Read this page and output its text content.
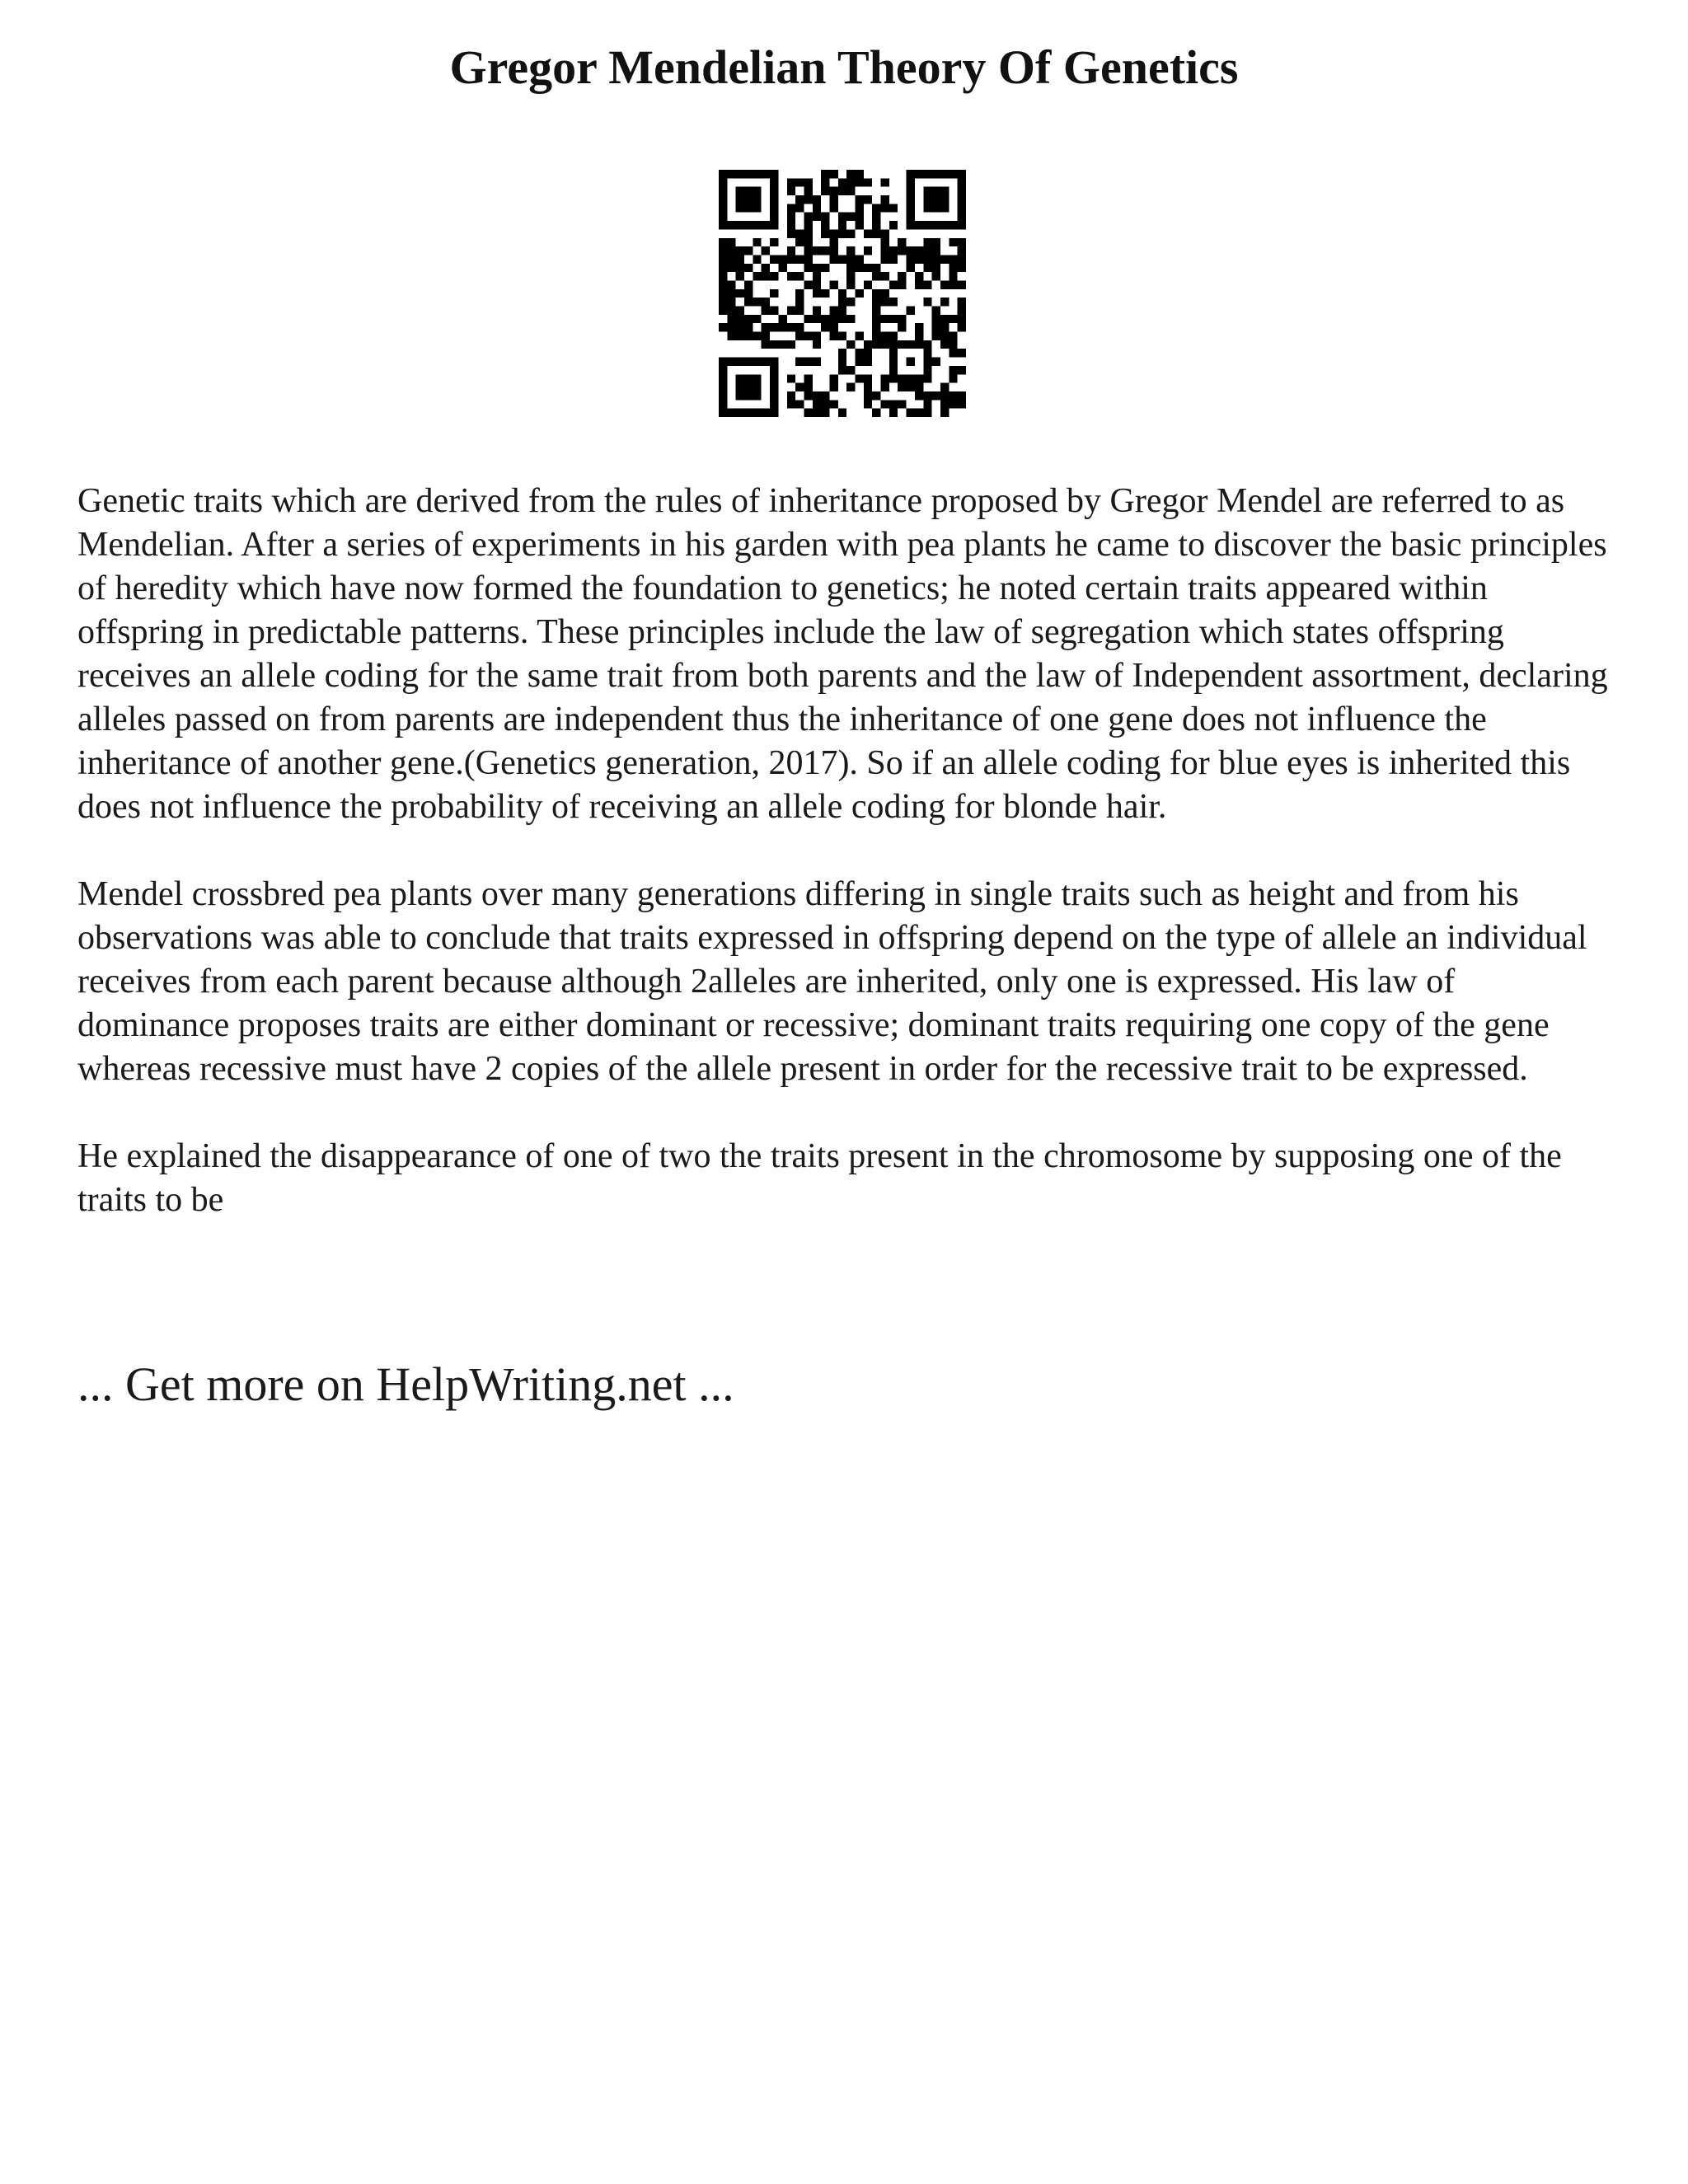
Gregor Mendelian Theory Of Genetics

Genetic traits which are derived from the rules of inheritance proposed by Gregor Mendel are referred to as Mendelian. After a series of experiments in his garden with pea plants he came to discover the basic principles of heredity which have now formed the foundation to genetics; he noted certain traits appeared within offspring in predictable patterns. These principles include the law of segregation which states offspring receives an allele coding for the same trait from both parents and the law of Independent assortment, declaring alleles passed on from parents are independent thus the inheritance of one gene does not influence the inheritance of another gene.(Genetics generation, 2017). So if an allele coding for blue eyes is inherited this does not influence the probability of receiving an allele coding for blonde hair.

Mendel crossbred pea plants over many generations differing in single traits such as height and from his observations was able to conclude that traits expressed in offspring depend on the type of allele an individual receives from each parent because although 2alleles are inherited, only one is expressed. His law of dominance proposes traits are either dominant or recessive; dominant traits requiring one copy of the gene whereas recessive must have 2 copies of the allele present in order for the recessive trait to be expressed.

He explained the disappearance of one of two the traits present in the chromosome by supposing one of the traits to be

... Get more on HelpWriting.net ...
